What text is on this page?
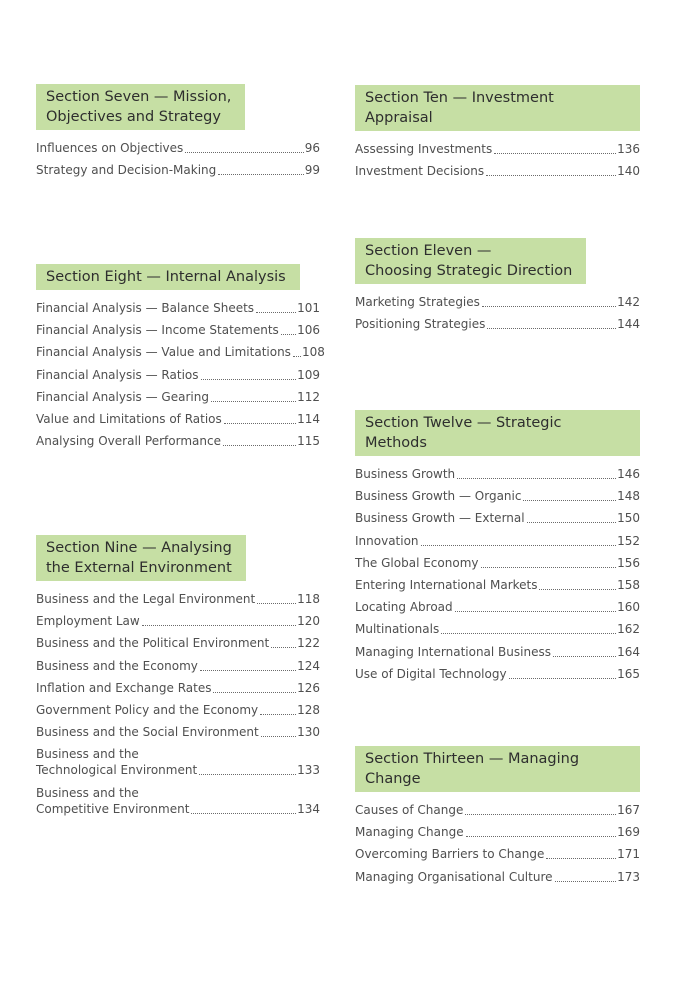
Section Seven — Mission,
Objectives and Strategy
Influences on Objectives	96
Strategy and Decision-Making	99
Section Eight — Internal Analysis
Financial Analysis — Balance Sheets	101
Financial Analysis — Income Statements 106
Financial Analysis — Value and Limitations 108
Financial Analysis — Ratios	109
Financial Analysis — Gearing	112
Value and Limitations of Ratios	114
Analysing Overall Performance	115
Section Nine — Analysing
the External Environment
Business and the Legal Environment	118
Employment Law	120
Business and the Political Environment 122
Business and the Economy	124
Inflation and Exchange Rates	126
Government Policy and the Economy	128
Business and the Social Environment	130
Business and the
Technological Environment	133
Business and the
Competitive Environment	134
Section Ten — Investment Appraisal
Assessing Investments	136
Investment Decisions	140
Section Eleven —
Choosing Strategic Direction
Marketing Strategies	142
Positioning Strategies	144
Section Twelve — Strategic Methods
Business Growth	146
Business Growth — Organic	148
Business Growth — External	150
Innovation	152
The Global Economy	156
Entering International Markets	158
Locating Abroad	160
Multinationals	162
Managing International Business	164
Use of Digital Technology	165
Section Thirteen — Managing Change
Causes of Change	167
Managing Change	169
Overcoming Barriers to Change	171
Managing Organisational Culture	173
